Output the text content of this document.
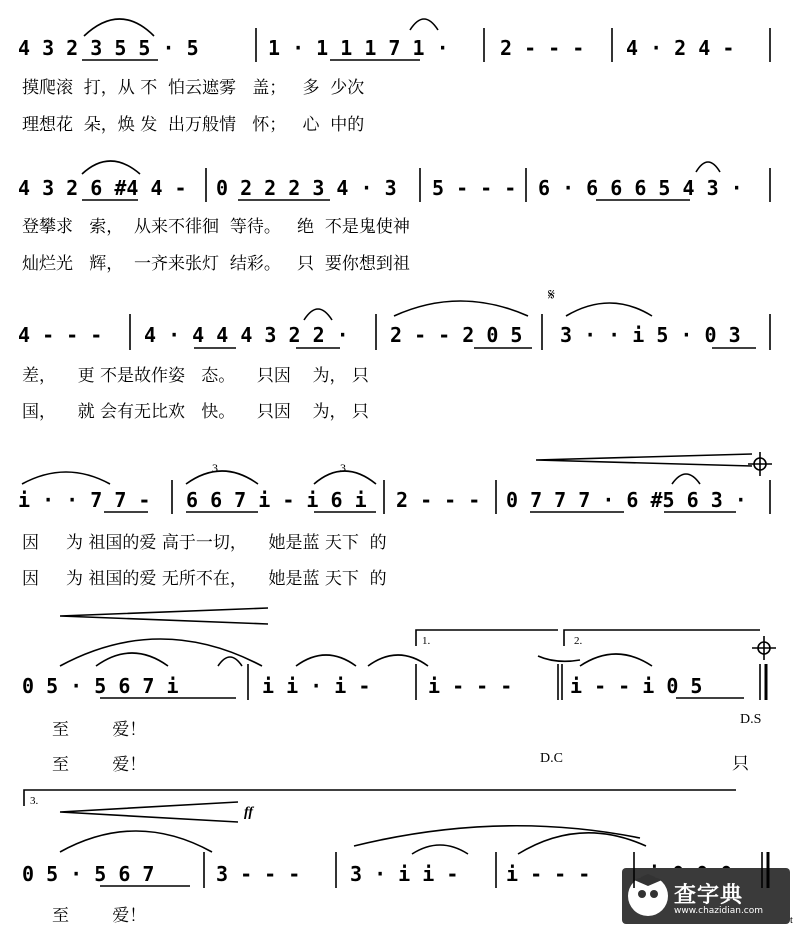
4 3 2 3 5 5 · 5	1 · 1 1 1 7 1 ·	2 - - - 4 · 2 4 -
摸爬滚  打，从 不  怕云遮雾   盖；   多  少次
理想花  朵，焕 发  出万般情   怀；   心  中的
4 3 2 6 #4 4 - 0 2 2 2 3 4 · 3 5 - - - 6 · 6 6 6 5 4 3 ·
登攀求   索，  从来不徘徊  等待。   绝  不是鬼使神
灿烂光   辉，  一齐来张灯  结彩。   只  要你想到祖
4 - - - 4 · 4 4 4 3 2 2 · 2 - - 2 0 5 3 · · i 5 · 0 3
差，    更 不是故作姿   态。    只因    为， 只
国，    就 会有无比欢   快。    只因    为， 只
i · · 7 7 - 6 6 7 i - i 6 i 2 - - - 0 7 7 7 · 6 #5 6 3 ·
因     为 祖国的爱 高于一切，    她是蓝 天下  的
因     为 祖国的爱 无所不在，    她是蓝 天下  的
0 5 · 5 6 7 i	i i · i -	i - - -	i - - i 0 5
至        爱！
至        爱！
0 5 · 5 6 7	3 - - - 3 · i i - i - - -
至        爱！
𝄋
3	3
1.	2.
3.
D.S
D.C	只
ff
查字典
www.chazidian.com
t
